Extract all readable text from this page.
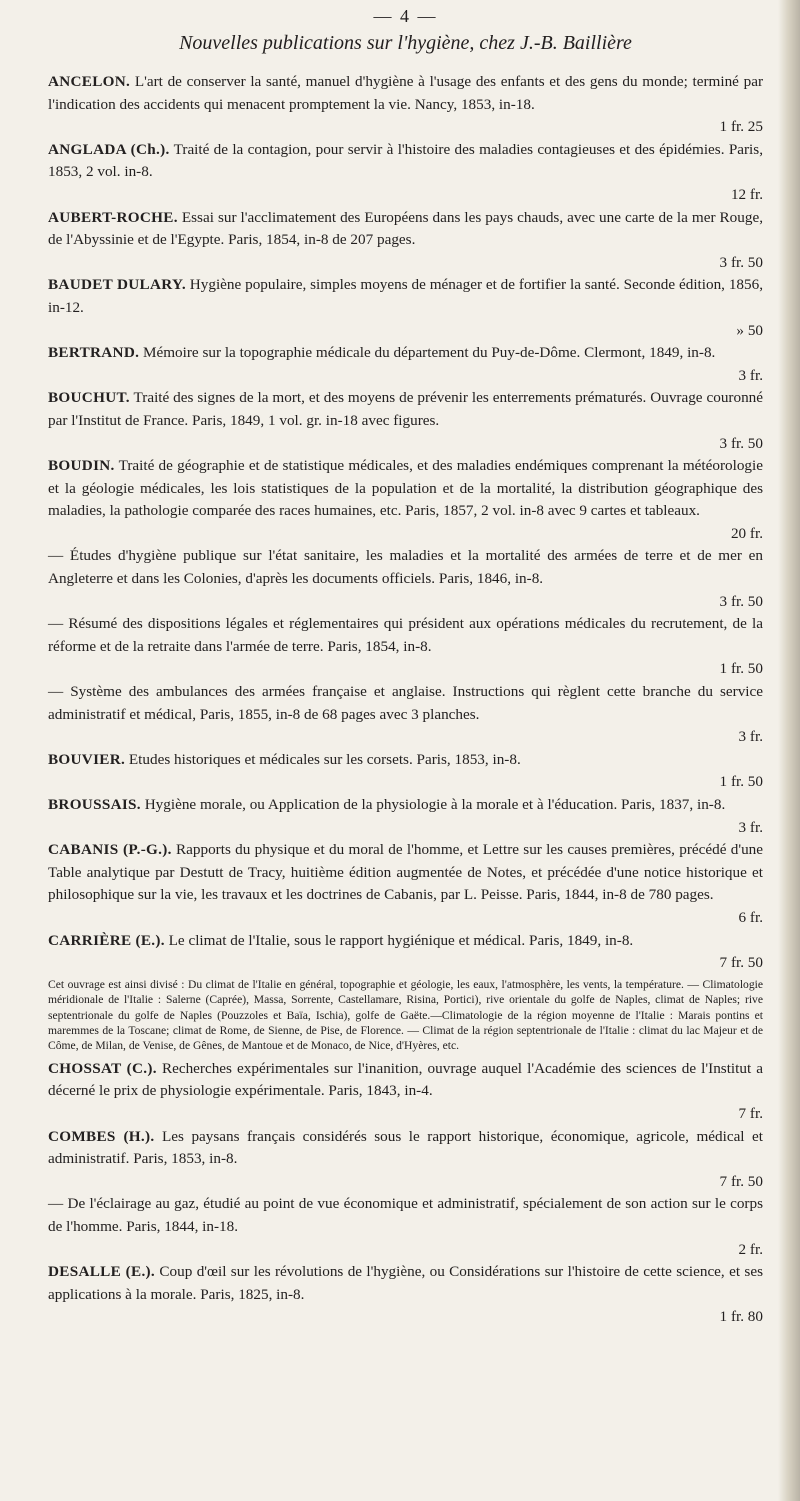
— 4 —
Nouvelles publications sur l'hygiène, chez J.-B. Baillière

ANCELON. L'art de conserver la santé, manuel d'hygiène à l'usage des enfants et des gens du monde; terminé par l'indication des accidents qui menacent promptement la vie. Nancy, 1853, in-18.
1 fr. 25

ANGLADA (Ch.). Traité de la contagion, pour servir à l'histoire des maladies contagieuses et des épidémies. Paris, 1853, 2 vol. in-8.
12 fr.

AUBERT-ROCHE. Essai sur l'acclimatement des Européens dans les pays chauds, avec une carte de la mer Rouge, de l'Abyssinie et de l'Egypte. Paris, 1854, in-8 de 207 pages.
3 fr. 50

BAUDET DULARY. Hygiène populaire, simples moyens de ménager et de fortifier la santé. Seconde édition, 1856, in-12.
» 50

BERTRAND. Mémoire sur la topographie médicale du département du Puy-de-Dôme. Clermont, 1849, in-8.
3 fr.

BOUCHUT. Traité des signes de la mort, et des moyens de prévenir les enterrements prématurés. Ouvrage couronné par l'Institut de France. Paris, 1849, 1 vol. gr. in-18 avec figures.
3 fr. 50

BOUDIN. Traité de géographie et de statistique médicales, et des maladies endémiques comprenant la météorologie et la géologie médicales, les lois statistiques de la population et de la mortalité, la distribution géographique des maladies, la pathologie comparée des races humaines, etc. Paris, 1857, 2 vol. in-8 avec 9 cartes et tableaux.
20 fr.

— Études d'hygiène publique sur l'état sanitaire, les maladies et la mortalité des armées de terre et de mer en Angleterre et dans les Colonies, d'après les documents officiels. Paris, 1846, in-8.
3 fr. 50

— Résumé des dispositions légales et réglementaires qui président aux opérations médicales du recrutement, de la réforme et de la retraite dans l'armée de terre. Paris, 1854, in-8.
1 fr. 50

— Système des ambulances des armées française et anglaise. Instructions qui règlent cette branche du service administratif et médical, Paris, 1855, in-8 de 68 pages avec 3 planches.
3 fr.

BOUVIER. Etudes historiques et médicales sur les corsets. Paris, 1853, in-8.
1 fr. 50

BROUSSAIS. Hygiène morale, ou Application de la physiologie à la morale et à l'éducation. Paris, 1837, in-8.
3 fr.

CABANIS (P.-G.). Rapports du physique et du moral de l'homme, et Lettre sur les causes premières, précédé d'une Table analytique par Destutt de Tracy, huitième édition augmentée de Notes, et précédée d'une notice historique et philosophique sur la vie, les travaux et les doctrines de Cabanis, par L. Peisse. Paris, 1844, in-8 de 780 pages.
6 fr.

CARRIÈRE (E.). Le climat de l'Italie, sous le rapport hygiénique et médical. Paris, 1849, in-8.
7 fr. 50

Cet ouvrage est ainsi divisé : Du climat de l'Italie en général, topographie et géologie, les eaux, l'atmosphère, les vents, la température. — Climatologie méridionale de l'Italie : Salerne (Caprée), Massa, Sorrente, Castellamare, Risina, Portici), rive orientale du golfe de Naples, climat de Naples; rive septentrionale du golfe de Naples (Pouzzoles et Baïa, Ischia), golfe de Gaëte.—Climatologie de la région moyenne de l'Italie : Marais pontins et maremmes de la Toscane; climat de Rome, de Sienne, de Pise, de Florence. — Climat de la région septentrionale de l'Italie : climat du lac Majeur et de Côme, de Milan, de Venise, de Gênes, de Mantoue et de Monaco, de Nice, d'Hyères, etc.

CHOSSAT (C.). Recherches expérimentales sur l'inanition, ouvrage auquel l'Académie des sciences de l'Institut a décerné le prix de physiologie expérimentale. Paris, 1843, in-4.
7 fr.

COMBES (H.). Les paysans français considérés sous le rapport historique, économique, agricole, médical et administratif. Paris, 1853, in-8.
7 fr. 50

— De l'éclairage au gaz, étudié au point de vue économique et administratif, spécialement de son action sur le corps de l'homme. Paris, 1844, in-18.
2 fr.

DESALLE (E.). Coup d'œil sur les révolutions de l'hygiène, ou Considérations sur l'histoire de cette science, et ses applications à la morale. Paris, 1825, in-8.
1 fr. 80
